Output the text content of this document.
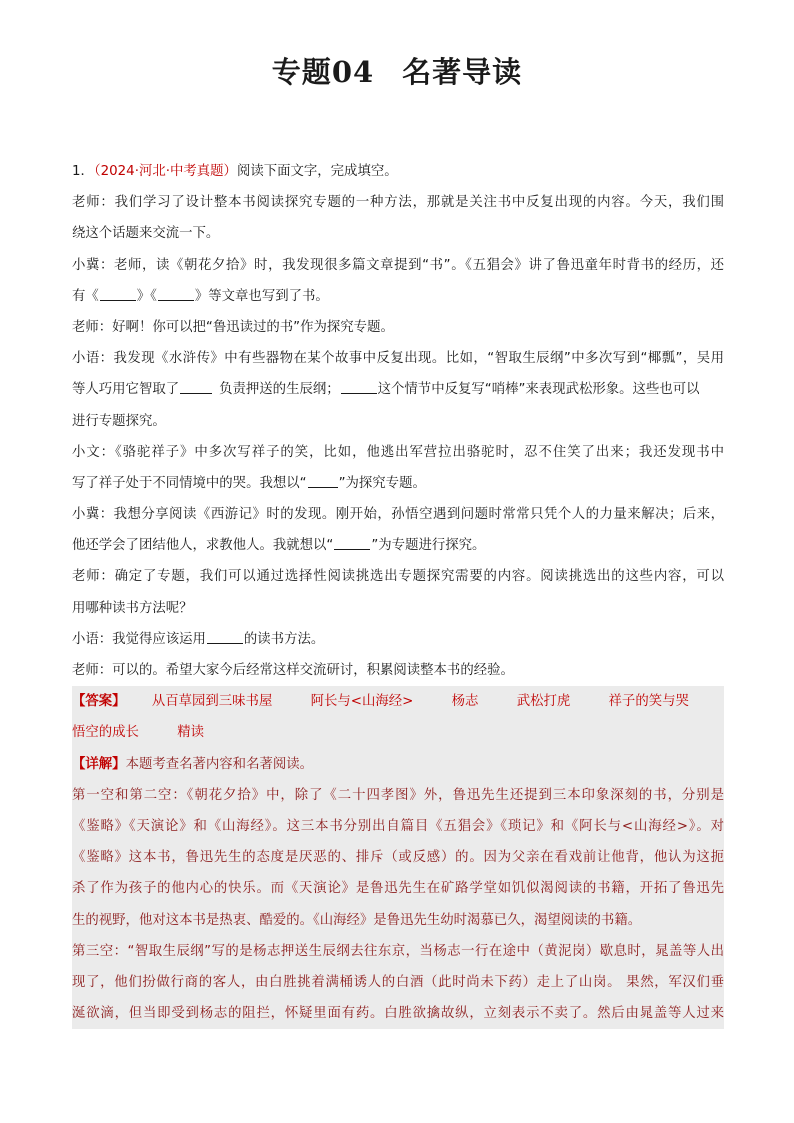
专题04 名著导读
1．（2024·河北·中考真题）阅读下面文字，完成填空。
老师：我们学习了设计整本书阅读探究专题的一种方法，那就是关注书中反复出现的内容。今天，我们围
绕这个话题来交流一下。
小冀：老师，读《朝花夕拾》时，我发现很多篇文章提到“书”。《五猖会》讲了鲁迅童年时背书的经历，还
有《	》《	》等文章也写到了书。
老师：好啊！你可以把“鲁迅读过的书”作为探究专题。
小语：我发现《水浒传》中有些器物在某个故事中反复出现。比如，“智取生辰纲”中多次写到“椰瓢”，吴用
等人巧用它智取了	负责押送的生辰纲；	这个情节中反复写“哨棒”来表现武松形象。这些也可以
进行专题探究。
小文：《骆驼祥子》中多次写祥子的笑，比如，他逃出军营拉出骆驼时，忍不住笑了出来；我还发现书中
写了祥子处于不同情境中的哭。我想以“ ”为探究专题。
小冀：我想分享阅读《西游记》时的发现。刚开始，孙悟空遇到问题时常常只凭个人的力量来解决；后来，
他还学会了团结他人，求教他人。我就想以“	”为专题进行探究。
老师：确定了专题，我们可以通过选择性阅读挑选出专题探究需要的内容。阅读挑选出的这些内容，可以
用哪种读书方法呢？
小语：我觉得应该运用	的读书方法。
老师：可以的。希望大家今后经常这样交流研讨，积累阅读整本书的经验。
【答案】 从百草园到三味书屋	阿长与<山海经>	杨志	武松打虎	祥子的笑与哭
悟空的成长	精读
【详解】本题考查名著内容和名著阅读。
第一空和第二空：《朝花夕拾》中，除了《二十四孝图》外，鲁迅先生还提到三本印象深刻的书，分别是
《鉴略》《天演论》和《山海经》。这三本书分别出自篇目《五猖会》《琐记》和《阿长与<山海经>》。对
《鉴略》这本书，鲁迅先生的态度是厌恶的、排斥（或反感）的。因为父亲在看戏前让他背，他认为这扼
杀了作为孩子的他内心的快乐。而《天演论》是鲁迅先生在矿路学堂如饥似渴阅读的书籍，开拓了鲁迅先
生的视野，他对这本书是热衷、酷爱的。《山海经》是鲁迅先生幼时渴慕已久，渴望阅读的书籍。
第三空：“智取生辰纲”写的是杨志押送生辰纲去往东京，当杨志一行在途中（黄泥岗）歇息时，晁盖等人出
现了，他们扮做行商的客人，由白胜挑着满桶诱人的白酒（此时尚未下药）走上了山岗。 果然，军汉们垂
涎欲滴，但当即受到杨志的阻拦，怀疑里面有药。白胜欲擒故纵，立刻表示不卖了。然后由晁盖等人过来
